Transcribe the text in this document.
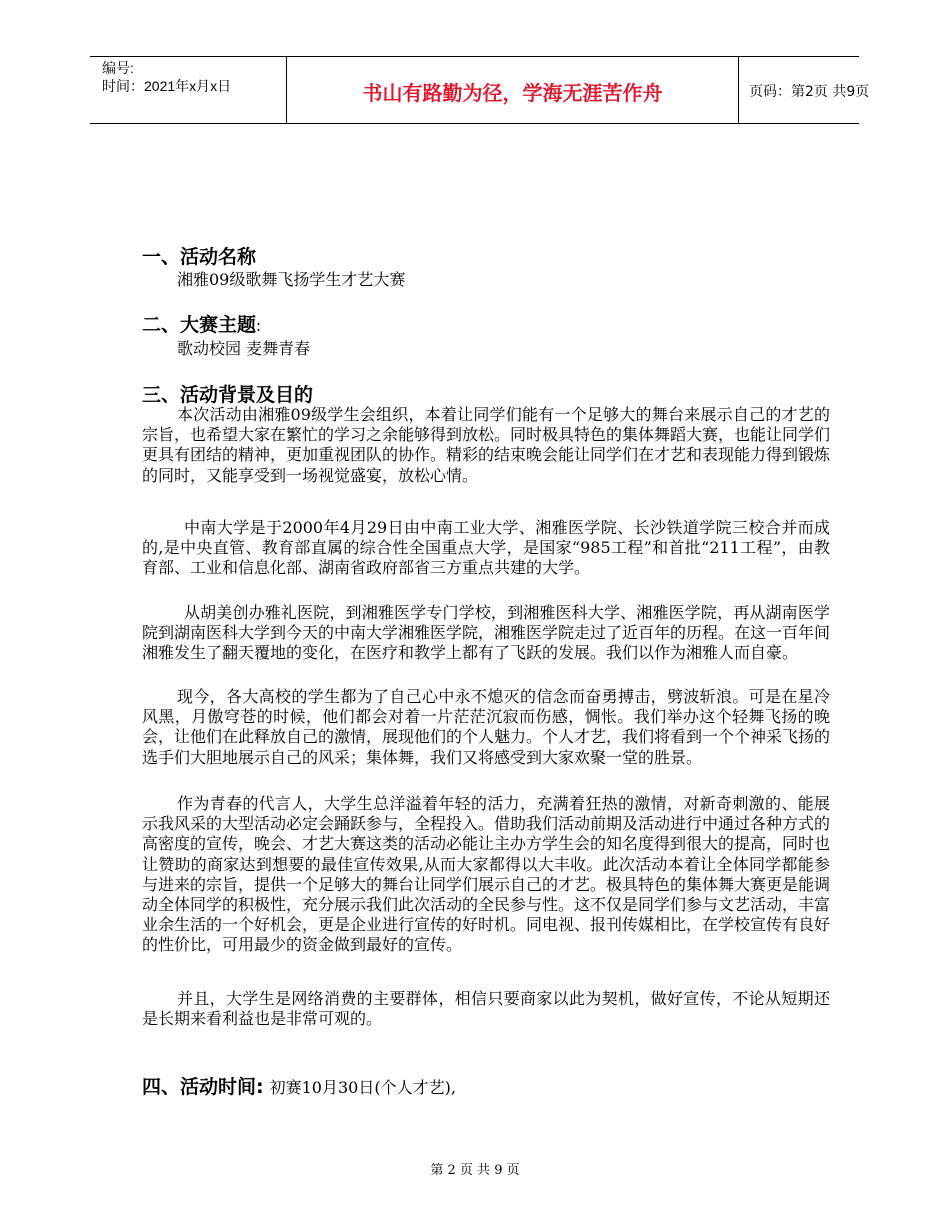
编号:
时间：2021年x月x日	书山有路勤为径，学海无涯苦作舟	页码：第2页 共9页
一、活动名称
湘雅09级歌舞飞扬学生才艺大赛
二、大赛主题:
歌动校园 麦舞青春
三、活动背景及目的

本次活动由湘雅09级学生会组织，本着让同学们能有一个足够大的舞台来展示自己的才艺的宗旨，也希望大家在繁忙的学习之余能够得到放松。同时极具特色的集体舞蹈大赛，也能让同学们更具有团结的精神，更加重视团队的协作。精彩的结束晚会能让同学们在才艺和表现能力得到锻炼的同时，又能享受到一场视觉盛宴，放松心情。

中南大学是于2000年4月29日由中南工业大学、湘雅医学院、长沙铁道学院三校合并而成的,是中央直管、教育部直属的综合性全国重点大学，是国家“985工程”和首批“211工程”，由教育部、工业和信息化部、湖南省政府部省三方重点共建的大学。

从胡美创办雅礼医院，到湘雅医学专门学校，到湘雅医科大学、湘雅医学院，再从湖南医学院到湖南医科大学到今天的中南大学湘雅医学院，湘雅医学院走过了近百年的历程。在这一百年间湘雅发生了翻天覆地的变化，在医疗和教学上都有了飞跃的发展。我们以作为湘雅人而自豪。

现今，各大高校的学生都为了自己心中永不熄灭的信念而奋勇搏击，劈波斩浪。可是在星冷风黑，月傲穹苍的时候，他们都会对着一片茫茫沉寂而伤感，惆怅。我们举办这个轻舞飞扬的晚会，让他们在此释放自己的激情，展现他们的个人魅力。个人才艺，我们将看到一个个神采飞扬的选手们大胆地展示自己的风采；集体舞，我们又将感受到大家欢聚一堂的胜景。

作为青春的代言人，大学生总洋溢着年轻的活力，充满着狂热的激情，对新奇刺激的、能展示我风采的大型活动必定会踊跃参与，全程投入。借助我们活动前期及活动进行中通过各种方式的高密度的宣传，晚会、才艺大赛这类的活动必能让主办方学生会的知名度得到很大的提高，同时也让赞助的商家达到想要的最佳宣传效果,从而大家都得以大丰收。此次活动本着让全体同学都能参与进来的宗旨，提供一个足够大的舞台让同学们展示自己的才艺。极具特色的集体舞大赛更是能调动全体同学的积极性，充分展示我们此次活动的全民参与性。这不仅是同学们参与文艺活动，丰富业余生活的一个好机会，更是企业进行宣传的好时机。同电视、报刊传媒相比，在学校宣传有良好的性价比，可用最少的资金做到最好的宣传。

并且，大学生是网络消费的主要群体，相信只要商家以此为契机，做好宣传，不论从短期还是长期来看利益也是非常可观的。

四、活动时间: 初赛10月30日(个人才艺),
第 2 页 共 9 页
